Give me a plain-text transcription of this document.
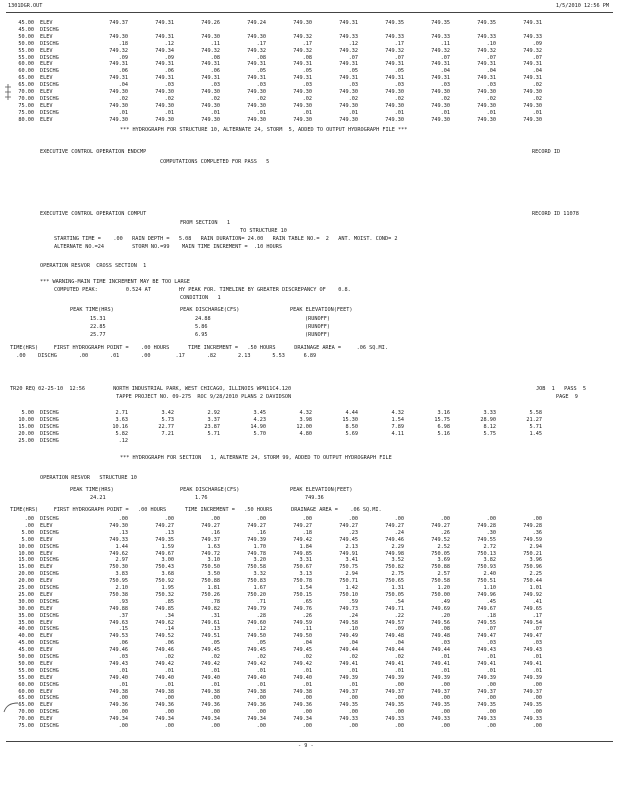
1301DGR.OUT	1/5/2010 12:56 PM
45.00 ELEV	749.37	749.31	749.26	749.24	749.30	749.31	749.35	749.35	749.35	749.31
45.00 DISCHG
50.00 ELEV	749.30	749.31	749.30	749.30	749.32	749.33	749.33	749.33	749.33	749.33
50.00 DISCHG	.18	.12	.11	.17	.17	.12	.17	.11	.10	.09
55.00 ELEV	749.32	749.34	749.32	749.32	749.32	749.32	749.32	749.32	749.32	749.32
55.00 DISCHG	.09	.09	.08	.08	.08	.07	.07	.07	.07	.07
60.00 ELEV	749.31	749.31	749.31	749.31	749.31	749.31	749.31	749.31	749.31	749.31
60.00 DISCHG	.06	.06	.06	.05	.05	.05	.05	.04	.04	.04
65.00 ELEV	749.31	749.31	749.31	749.31	749.31	749.31	749.31	749.31	749.31	749.31
65.00 DISCHG	.04	.03	.03	.03	.03	.03	.03	.03	.03	.02
70.00 ELEV	749.30	749.30	749.30	749.30	749.30	749.30	749.30	749.30	749.30	749.30
70.00 DISCHG	.02	.02	.02	.02	.02	.02	.02	.02	.02	.02
75.00 ELEV	749.30	749.30	749.30	749.30	749.30	749.30	749.30	749.30	749.30	749.30
75.00 DISCHG	.01	.01	.01	.01	.01	.01	.01	.01	.01	.01
80.00 ELEV	749.30	749.30	749.30	749.30	749.30	749.30	749.30	749.30	749.30	749.30
*** HYDROGRAPH FOR STRUCTURE 10, ALTERNATE 24, STORM  5, ADDED TO OUTPUT HYDROGRAPH FILE ***
EXECUTIVE CONTROL OPERATION ENDCMP	RECORD ID
COMPUTATIONS COMPLETED FOR PASS   5
EXECUTIVE CONTROL OPERATION COMPUT	RECORD ID 11078
FROM SECTION   1
TO STRUCTURE 10
STARTING TIME =    .00   RAIN DEPTH =   5.08   RAIN DURATION= 24.00   RAIN TABLE NO.=  2   ANT. MOIST. COND= 2
ALTERNATE NO.=24         STORM NO.=99    MAIN TIME INCREMENT =  .10 HOURS
OPERATION RESVOR  CROSS SECTION  1
*** WARNING-MAIN TIME INCREMENT MAY BE TOO LARGE
COMPUTED PEAK:         0.524 AT         HY PEAK FOR. TIMELINE BY GREATER DISCREPANCY OF    0.8.
CONDITION   1
PEAK TIME(HRS)	PEAK DISCHARGE(CFS)	PEAK ELEVATION(FEET)
15.31	24.88	(RUNOFF)
22.85	5.86	(RUNOFF)
25.77	6.95	(RUNOFF)
TIME(HRS)     FIRST HYDROGRAPH POINT =    .00 HOURS      TIME INCREMENT =   .50 HOURS      DRAINAGE AREA =     .06 SQ.MI.
.00    DISCHG       .00       .01       .00        .17       .82       2.13       5.53      6.89
TR20 REQ 02-25-10  12:56         NORTH INDUSTRIAL PARK, WEST CHICAGO, ILLINOIS WPN11C4.120
TAPPE PROJECT NO. 09-275  ROC 9/28/2010 PLANS 2 DAVIDSON
JOB  1   PASS  5
PAGE  9
5.00 DISCHG	2.71	3.42	2.92	3.45	4.32	4.44	4.32	3.16	3.33	5.58
10.00 DISCHG	3.63	5.73	3.37	4.23	3.98	15.30	1.54	15.75	28.90	21.27
15.00 DISCHG	10.16	22.77	23.87	14.90	12.00	8.50	7.89	6.98	8.12	5.71
20.00 DISCHG	5.82	7.21	5.71	5.70	4.80	5.69	4.11	5.16	5.75	1.45
25.00 DISCHG	.12
*** HYDROGRAPH FOR SECTION   1, ALTERNATE 24, STORM 99, ADDED TO OUTPUT HYDROGRAPH FILE
OPERATION RESVOR   STRUCTURE 10
PEAK TIME(HRS)	PEAK DISCHARGE(CFS)	PEAK ELEVATION(FEET)
24.21	1.76	749.36
TIME(HRS)     FIRST HYDROGRAPH POINT =   .00 HOURS      TIME INCREMENT =   .50 HOURS      DRAINAGE AREA =    .06 SQ.MI.
.00 DISCHG	.00	.00	.00	.00	.00	.00	.00	.00	.00	.00
.00 ELEV	749.30	749.27	749.27	749.27	749.27	749.27	749.27	749.27	749.28	749.28
5.00 DISCHG	.13	.13	.16	.16	.18	.23	.24	.26	.30	.36
5.00 ELEV	749.33	749.35	749.37	749.39	749.42	749.45	749.46	749.52	749.55	749.59
10.00 DISCHG	1.44	1.59	1.63	1.70	1.84	2.13	2.29	2.52	2.72	2.94
10.00 ELEV	749.62	749.67	749.72	749.78	749.85	749.91	749.98	750.05	750.13	750.21
15.00 DISCHG	2.97	3.00	3.10	3.20	3.31	3.41	3.52	3.69	3.82	3.96
15.00 ELEV	750.30	750.43	750.50	750.58	750.67	750.75	750.82	750.88	750.93	750.96
20.00 DISCHG	3.83	3.68	3.50	3.32	3.13	2.94	2.75	2.57	2.40	2.25
20.00 ELEV	750.95	750.92	750.88	750.83	750.78	750.71	750.65	750.58	750.51	750.44
25.00 DISCHG	2.10	1.95	1.81	1.67	1.54	1.42	1.31	1.20	1.10	1.01
25.00 ELEV	750.38	750.32	750.26	750.20	750.15	750.10	750.05	750.00	749.96	749.92
30.00 DISCHG	.93	.85	.78	.71	.65	.59	.54	.49	.45	.41
30.00 ELEV	749.88	749.85	749.82	749.79	749.76	749.73	749.71	749.69	749.67	749.65
35.00 DISCHG	.37	.34	.31	.28	.26	.24	.22	.20	.18	.17
35.00 ELEV	749.63	749.62	749.61	749.60	749.59	749.58	749.57	749.56	749.55	749.54
40.00 DISCHG	.15	.14	.13	.12	.11	.10	.09	.08	.07	.07
40.00 ELEV	749.53	749.52	749.51	749.50	749.50	749.49	749.48	749.48	749.47	749.47
45.00 DISCHG	.06	.06	.05	.05	.04	.04	.04	.03	.03	.03
45.00 ELEV	749.46	749.46	749.45	749.45	749.45	749.44	749.44	749.44	749.43	749.43
50.00 DISCHG	.03	.02	.02	.02	.02	.02	.02	.01	.01	.01
50.00 ELEV	749.43	749.42	749.42	749.42	749.42	749.41	749.41	749.41	749.41	749.41
55.00 DISCHG	.01	.01	.01	.01	.01	.01	.01	.01	.01	.01
55.00 ELEV	749.40	749.40	749.40	749.40	749.40	749.39	749.39	749.39	749.39	749.39
60.00 DISCHG	.01	.01	.01	.01	.01	.01	.00	.00	.00	.00
60.00 ELEV	749.38	749.38	749.38	749.38	749.38	749.37	749.37	749.37	749.37	749.37
65.00 DISCHG	.00	.00	.00	.00	.00	.00	.00	.00	.00	.00
65.00 ELEV	749.36	749.36	749.36	749.36	749.36	749.35	749.35	749.35	749.35	749.35
70.00 DISCHG	.00	.00	.00	.00	.00	.00	.00	.00	.00	.00
70.00 ELEV	749.34	749.34	749.34	749.34	749.34	749.33	749.33	749.33	749.33	749.33
75.00 DISCHG	.00	.00	.00	.00	.00	.00	.00	.00	.00	.00
- 9 -
